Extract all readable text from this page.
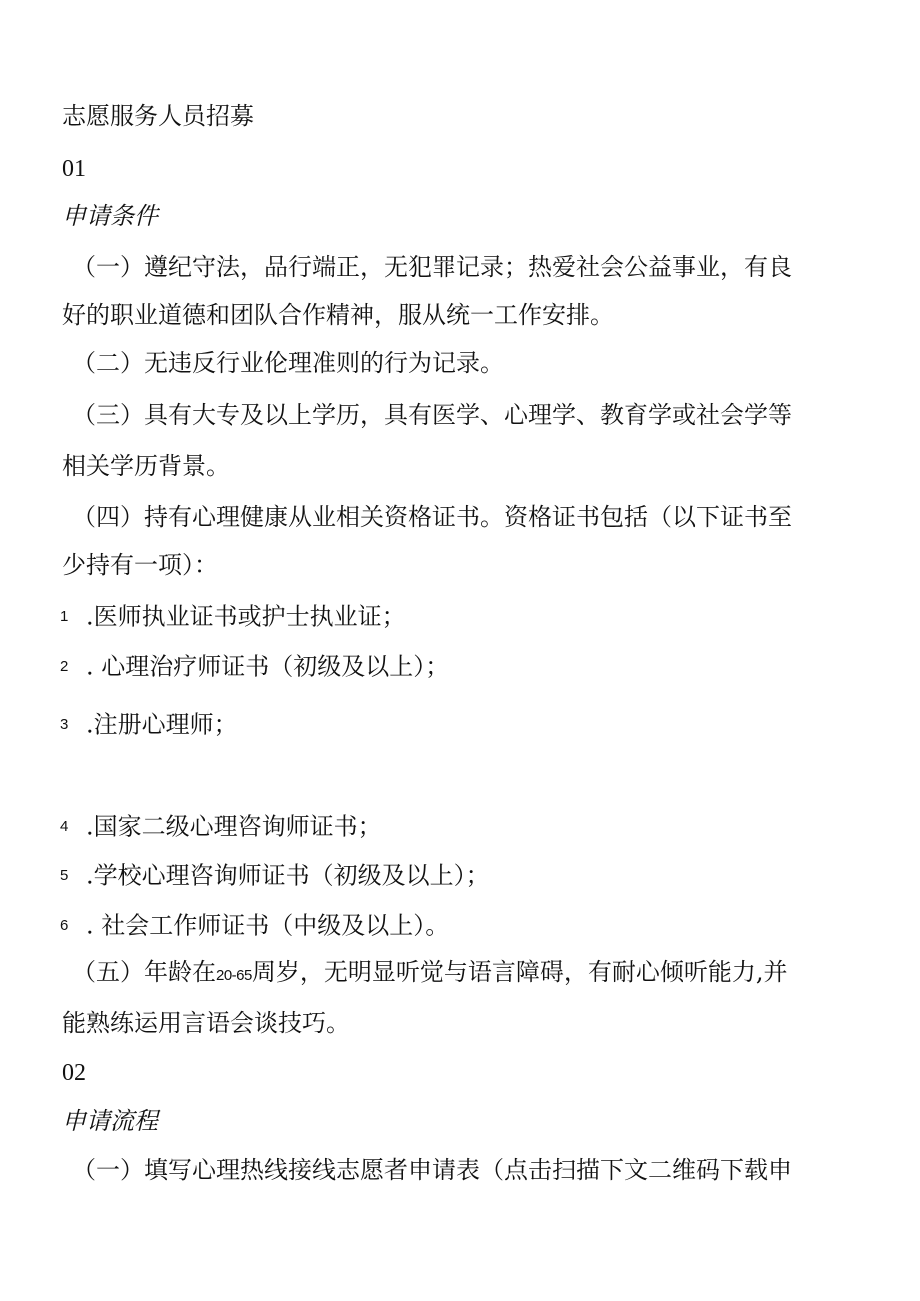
志愿服务人员招募
01
申请条件
（一）遵纪守法，品行端正，无犯罪记录；热爱社会公益事业，有良
好的职业道德和团队合作精神，服从统一工作安排。
（二）无违反行业伦理准则的行为记录。
（三）具有大专及以上学历，具有医学、心理学、教育学或社会学等
相关学历背景。
（四）持有心理健康从业相关资格证书。资格证书包括（以下证书至
少持有一项）：
1 .医师执业证书或护士执业证；
2 . 心理治疗师证书（初级及以上）；
3 .注册心理师；
4 .国家二级心理咨询师证书；
5 .学校心理咨询师证书（初级及以上）；
6 . 社会工作师证书（中级及以上）。
（五）年龄在20-65周岁，无明显听觉与语言障碍，有耐心倾听能力,并
能熟练运用言语会谈技巧。
02
申请流程
（一）填写心理热线接线志愿者申请表（点击扫描下文二维码下载申
